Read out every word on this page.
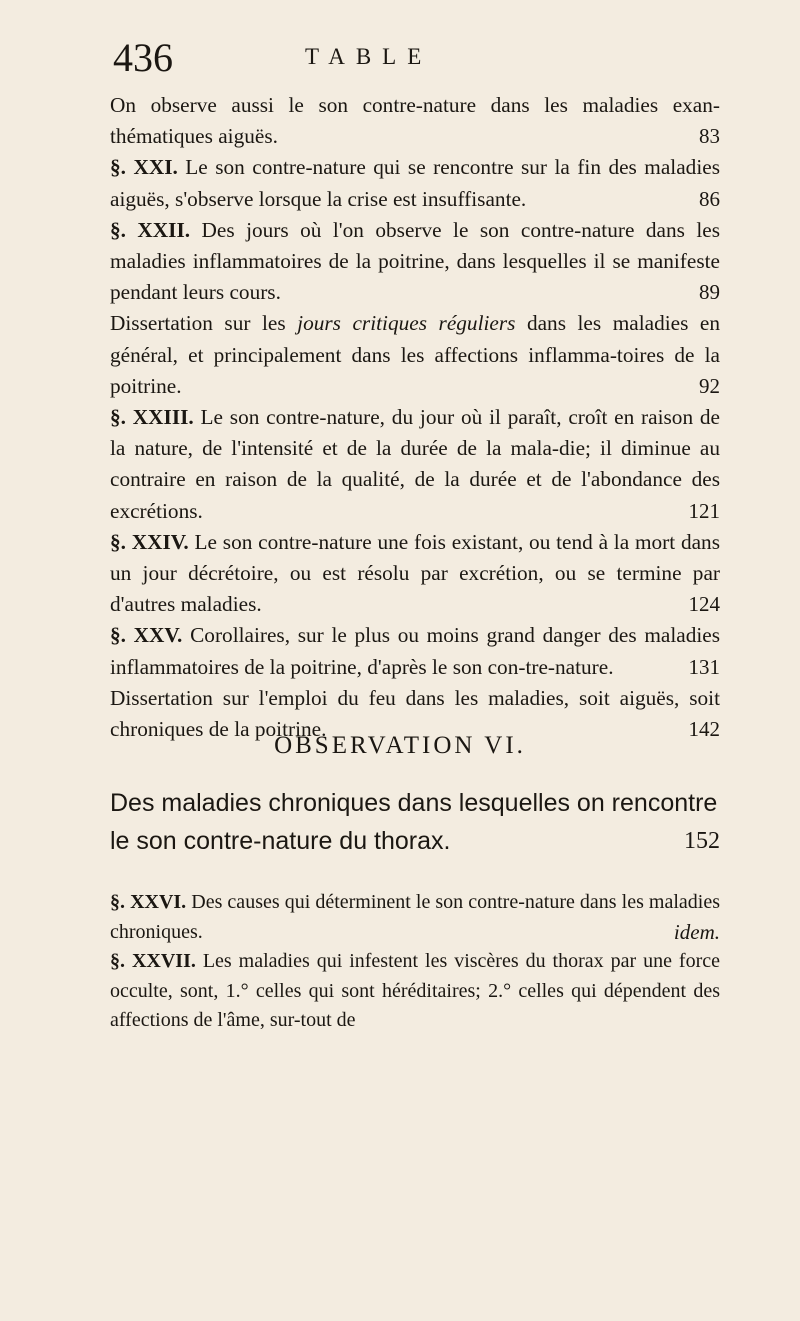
436	TABLE

On observe aussi le son contre-nature dans les maladies exan-thématiques aiguës.	83

§. XXI. Le son contre-nature qui se rencontre sur la fin des maladies aiguës, s'observe lorsque la crise est insuffisante.	86

§. XXII. Des jours où l'on observe le son contre-nature dans les maladies inflammatoires de la poitrine, dans lesquelles il se manifeste pendant leurs cours.	89

Dissertation sur les jours critiques réguliers dans les maladies en général, et principalement dans les affections inflamma-toires de la poitrine.	92

§. XXIII. Le son contre-nature, du jour où il paraît, croît en raison de la nature, de l'intensité et de la durée de la mala-die; il diminue au contraire en raison de la qualité, de la durée et de l'abondance des excrétions.	121

§. XXIV. Le son contre-nature une fois existant, ou tend à la mort dans un jour décrétoire, ou est résolu par excrétion, ou se termine par d'autres maladies.	124

§. XXV. Corollaires, sur le plus ou moins grand danger des maladies inflammatoires de la poitrine, d'après le son con-tre-nature.	131

Dissertation sur l'emploi du feu dans les maladies, soit aiguës, soit chroniques de la poitrine.	142

OBSERVATION VI.
Des maladies chroniques dans lesquelles on rencontre le son contre-nature du thorax.	152

§. XXVI. Des causes qui déterminent le son contre-nature dans les maladies chroniques.	idem.

§. XXVII. Les maladies qui infestent les viscères du thorax par une force occulte, sont, 1.° celles qui sont héréditaires; 2.° celles qui dépendent des affections de l'âme, sur-tout de
